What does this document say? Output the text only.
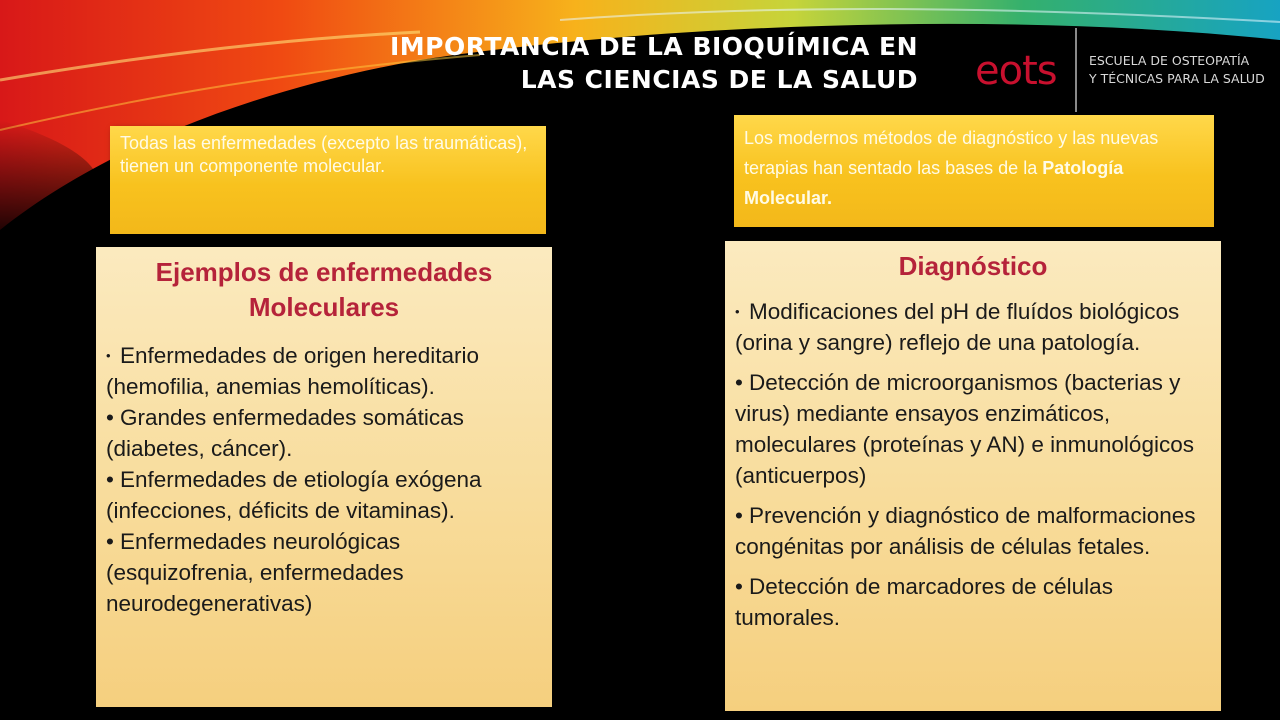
IMPORTANCIA DE LA BIOQUÍMICA EN
LAS CIENCIAS DE LA SALUD eots	ESCUELA DE OSTEOPATÍA
Y TÉCNICAS PARA LA SALUD
Todas las enfermedades (excepto las traumáticas), tienen un componente molecular.
Los modernos métodos de diagnóstico y las nuevas   terapias han sentado las bases de la Patología Molecular.
Ejemplos de enfermedades Moleculares
• Enfermedades de origen hereditario (hemofilia, anemias hemolíticas).
• Grandes enfermedades somáticas (diabetes, cáncer).
• Enfermedades de etiología exógena (infecciones, déficits de vitaminas).
• Enfermedades neurológicas (esquizofrenia, enfermedades neurodegenerativas)
Diagnóstico
• Modificaciones del pH de fluídos biológicos (orina y sangre) reflejo de una patología.
• Detección de microorganismos (bacterias y virus) mediante ensayos enzimáticos, moleculares (proteínas y AN) e inmunológicos (anticuerpos)
• Prevención y diagnóstico de malformaciones congénitas por análisis de células fetales.
• Detección de marcadores de células tumorales.
